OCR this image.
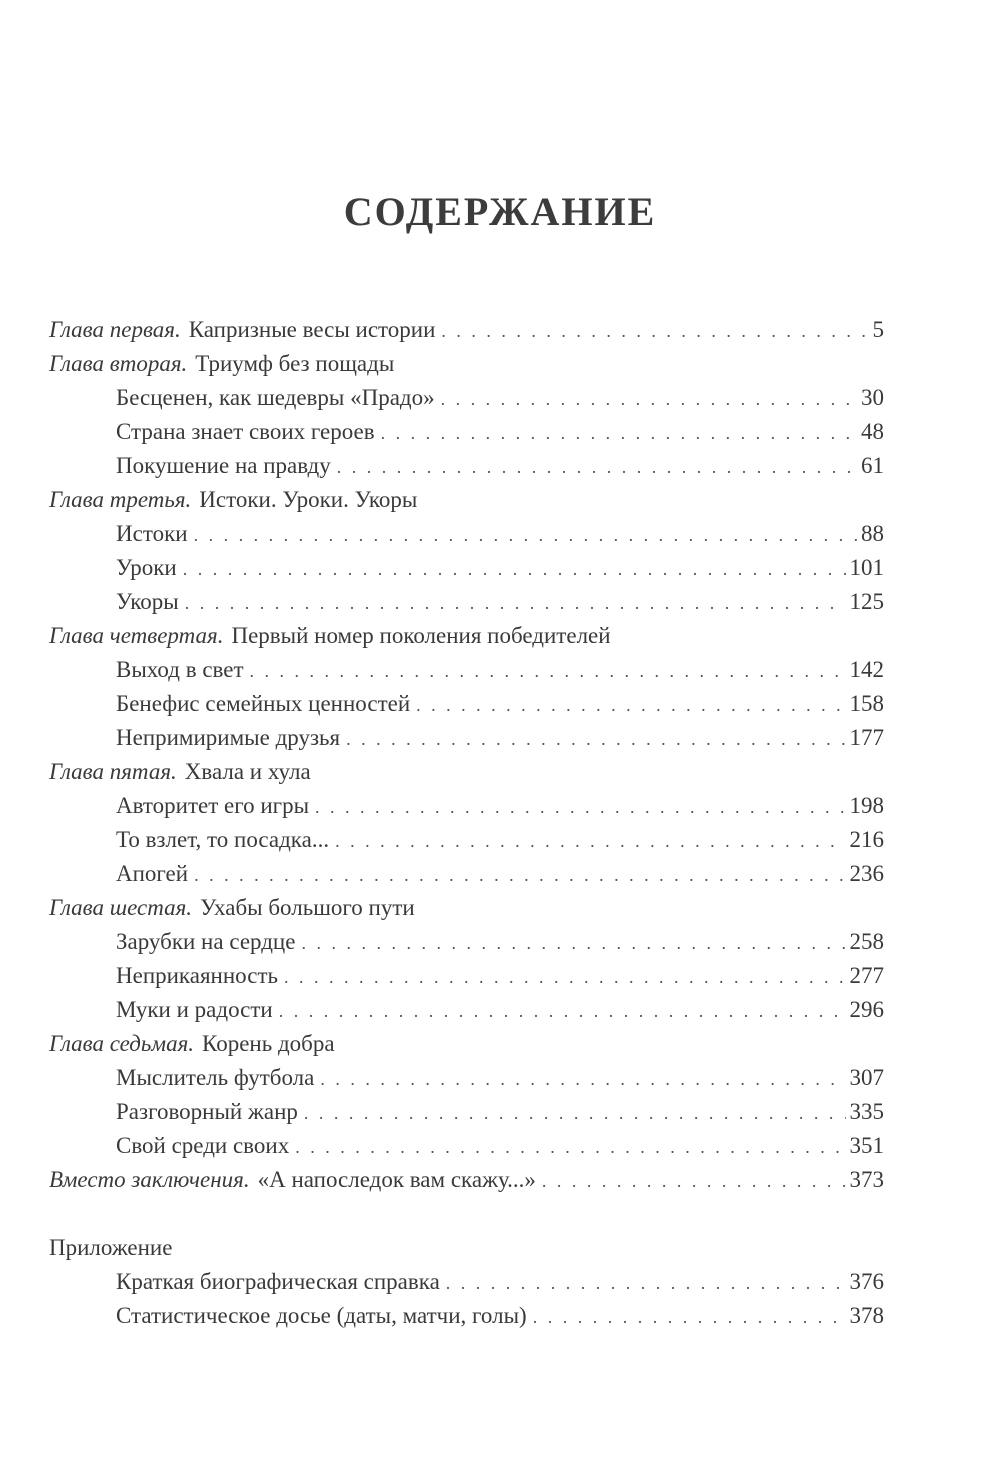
СОДЕРЖАНИЕ
Глава первая. Капризные весы истории . . .	5
Глава вторая. Триумф без пощады
Бесценен, как шедевры «Прадо» . . .	30
Страна знает своих героев . . .	48
Покушение на правду . . .	61
Глава третья. Истоки. Уроки. Укоры
Истоки . . .	88
Уроки . . .	101
Укоры . . .	125
Глава четвертая. Первый номер поколения победителей
Выход в свет . . .	142
Бенефис семейных ценностей . . .	158
Непримиримые друзья . . .	177
Глава пятая. Хвала и хула
Авторитет его игры . . .	198
То взлет, то посадка... . . .	216
Апогей . . .	236
Глава шестая. Ухабы большого пути
Зарубки на сердце . . .	258
Неприкаянность . . .	277
Муки и радости . . .	296
Глава седьмая. Корень добра
Мыслитель футбола . . .	307
Разговорный жанр . . .	335
Свой среди своих . . .	351
Вместо заключения. «А напоследок вам скажу...» . . .	373
Приложение
Краткая биографическая справка . . .	376
Статистическое досье (даты, матчи, голы) . . .	378
